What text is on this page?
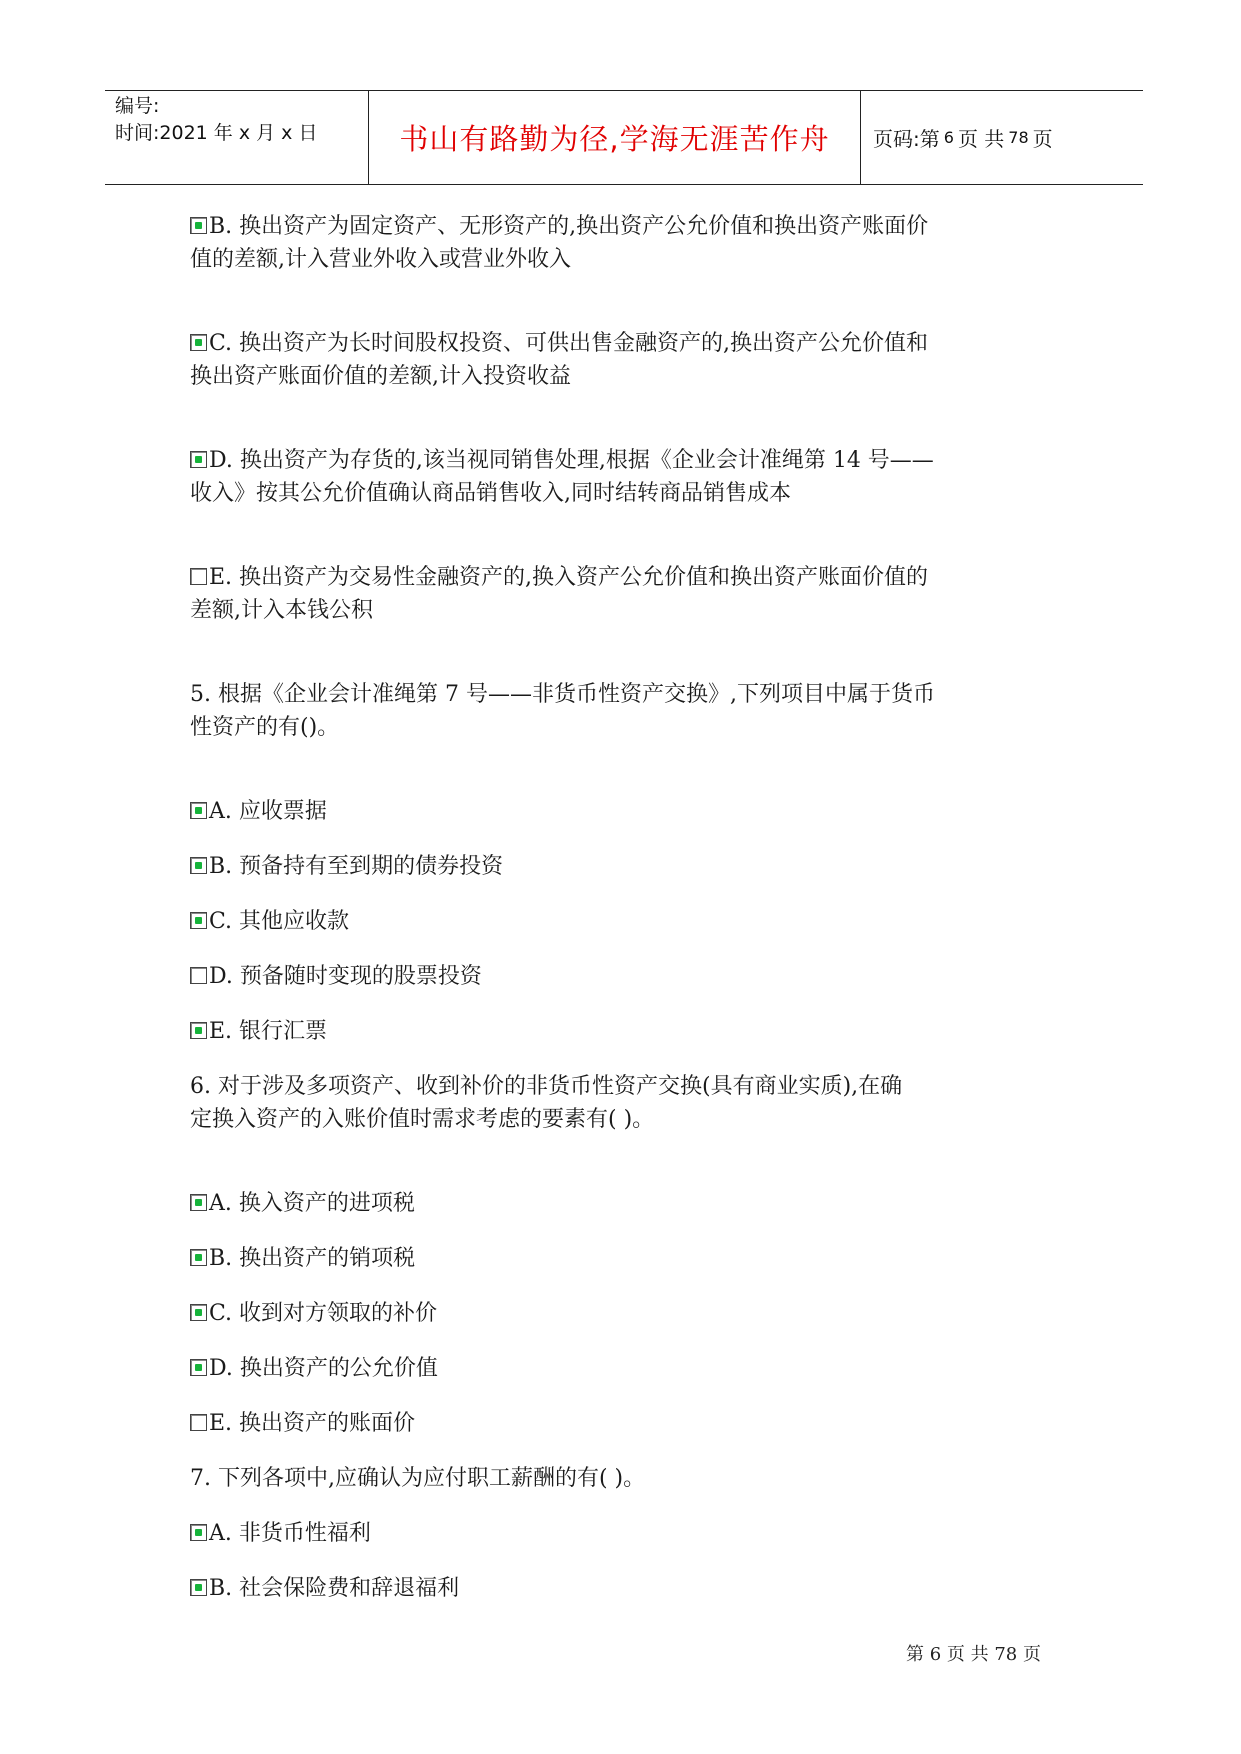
编号:
时间:2021 年 x 月 x 日	书山有路勤为径,学海无涯苦作舟	页码:第 6 页 共 78 页
B. 换出资产为固定资产、无形资产的,换出资产公允价值和换出资产账面价
值的差额,计入营业外收入或营业外收入
C. 换出资产为长时间股权投资、可供出售金融资产的,换出资产公允价值和
换出资产账面价值的差额,计入投资收益
D. 换出资产为存货的,该当视同销售处理,根据《企业会计准绳第 14 号——
收入》按其公允价值确认商品销售收入,同时结转商品销售成本
E. 换出资产为交易性金融资产的,换入资产公允价值和换出资产账面价值的
差额,计入本钱公积
5. 根据《企业会计准绳第 7 号——非货币性资产交换》,下列项目中属于货币
性资产的有()。
A. 应收票据
B. 预备持有至到期的债券投资
C. 其他应收款
D. 预备随时变现的股票投资
E. 银行汇票
6. 对于涉及多项资产、收到补价的非货币性资产交换(具有商业实质),在确
定换入资产的入账价值时需求考虑的要素有( )。
A. 换入资产的进项税
B. 换出资产的销项税
C. 收到对方领取的补价
D. 换出资产的公允价值
E. 换出资产的账面价
7. 下列各项中,应确认为应付职工薪酬的有( )。
A. 非货币性福利
B. 社会保险费和辞退福利
第 6 页 共 78 页
